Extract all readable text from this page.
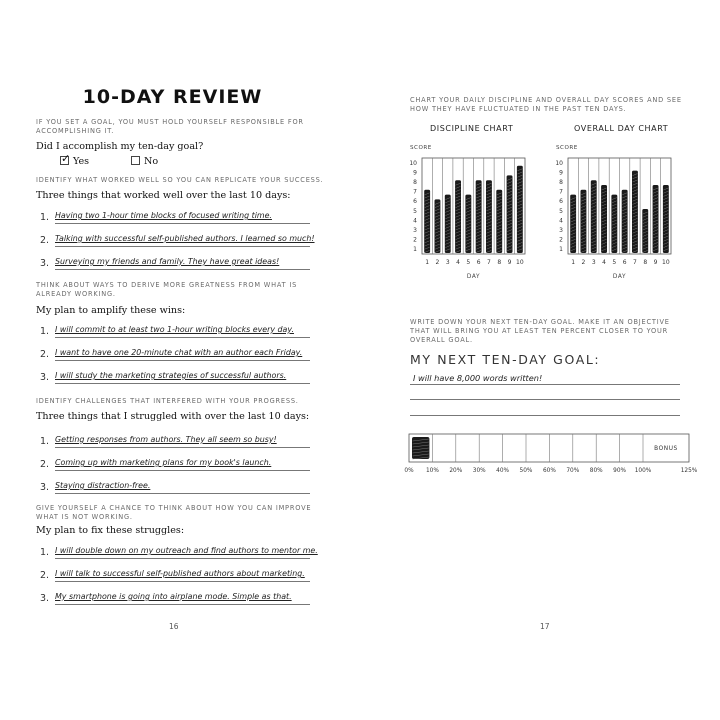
10-DAY REVIEW
IF YOU SET A GOAL, YOU MUST HOLD YOURSELF RESPONSIBLE FOR ACCOMPLISHING IT.
Did I accomplish my ten-day goal?
✓Yes	No
IDENTIFY WHAT WORKED WELL SO YOU CAN REPLICATE YOUR SUCCESS.
Three things that worked well over the last 10 days:
1. Having two 1-hour time blocks of focused writing time.
2. Talking with successful self-published authors. I learned so much!
3. Surveying my friends and family. They have great ideas!
THINK ABOUT WAYS TO DERIVE MORE GREATNESS FROM WHAT IS ALREADY WORKING.
My plan to amplify these wins:
1. I will commit to at least two 1-hour writing blocks every day.
2. I want to have one 20-minute chat with an author each Friday.
3. I will study the marketing strategies of successful authors.
IDENTIFY CHALLENGES THAT INTERFERED WITH YOUR PROGRESS.
Three things that I struggled with over the last 10 days:
1. Getting responses from authors. They all seem so busy!
2. Coming up with marketing plans for my book's launch.
3. Staying distraction-free.
GIVE YOURSELF A CHANCE TO THINK ABOUT HOW YOU CAN IMPROVE WHAT IS NOT WORKING.
My plan to fix these struggles:
1. I will double down on my outreach and find authors to mentor me.
2. I will talk to successful self-published authors about marketing.
3. My smartphone is going into airplane mode. Simple as that.
16
CHART YOUR DAILY DISCIPLINE AND OVERALL DAY SCORES AND SEE HOW THEY HAVE FLUCTUATED IN THE PAST TEN DAYS.
DISCIPLINE CHART	OVERALL DAY CHART
SCORE
1
2
3
4
5
6
7
8
9
10
1 2 3 4 5 6 7 8 9 10
DAY
SCORE
1
2
3
4
5
6
7
8
9
10
1 2 3 4 5 6 7 8 9 10
DAY
WRITE DOWN YOUR NEXT TEN-DAY GOAL. MAKE IT AN OBJECTIVE THAT WILL BRING YOU AT LEAST TEN PERCENT CLOSER TO YOUR OVERALL GOAL.
MY NEXT TEN-DAY GOAL:
I will have 8,000 words written!
BONUS
0% 10% 20% 30% 40% 50% 60% 70% 80% 90% 100%	125%
17
